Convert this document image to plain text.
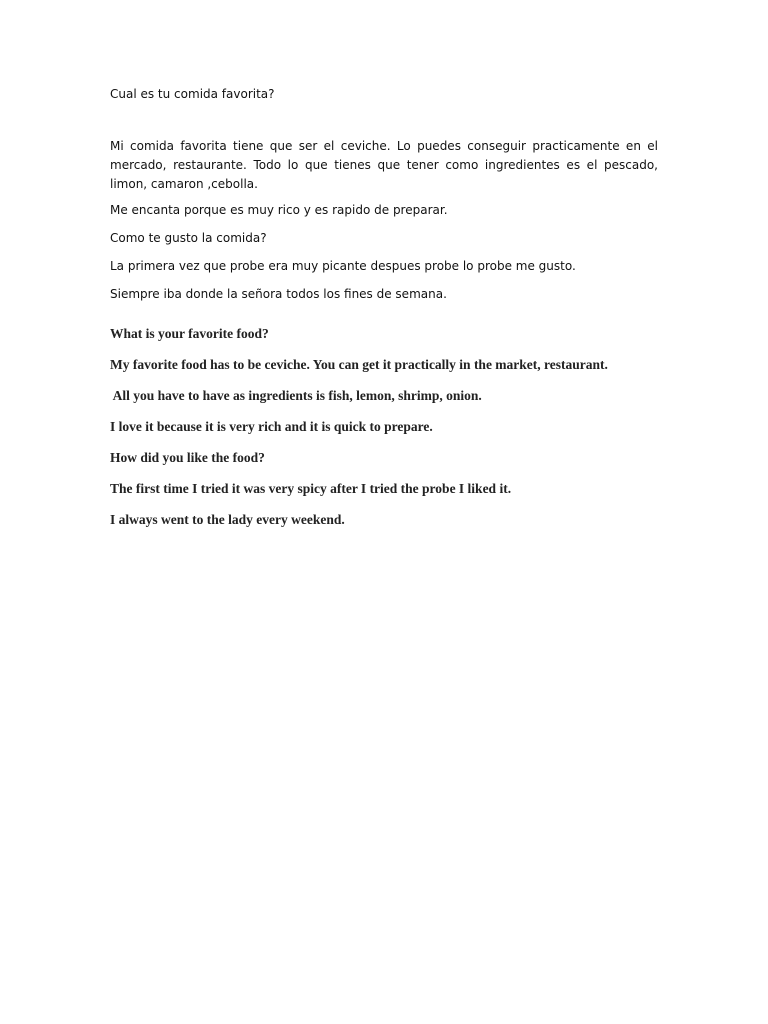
Cual es tu comida favorita?

Mi comida favorita tiene que ser el ceviche. Lo puedes conseguir practicamente en el mercado, restaurante. Todo lo que tienes que tener como ingredientes es el pescado, limon, camaron ,cebolla.

Me encanta porque es muy rico y es rapido de preparar.

Como te gusto la comida?

La primera vez que probe era muy picante despues probe lo probe me gusto.

Siempre iba donde la señora todos los fines de semana.

What is your favorite food?

My favorite food has to be ceviche. You can get it practically in the market, restaurant.

All you have to have as ingredients is fish, lemon, shrimp, onion.

I love it because it is very rich and it is quick to prepare.

How did you like the food?

The first time I tried it was very spicy after I tried the probe I liked it.

I always went to the lady every weekend.
